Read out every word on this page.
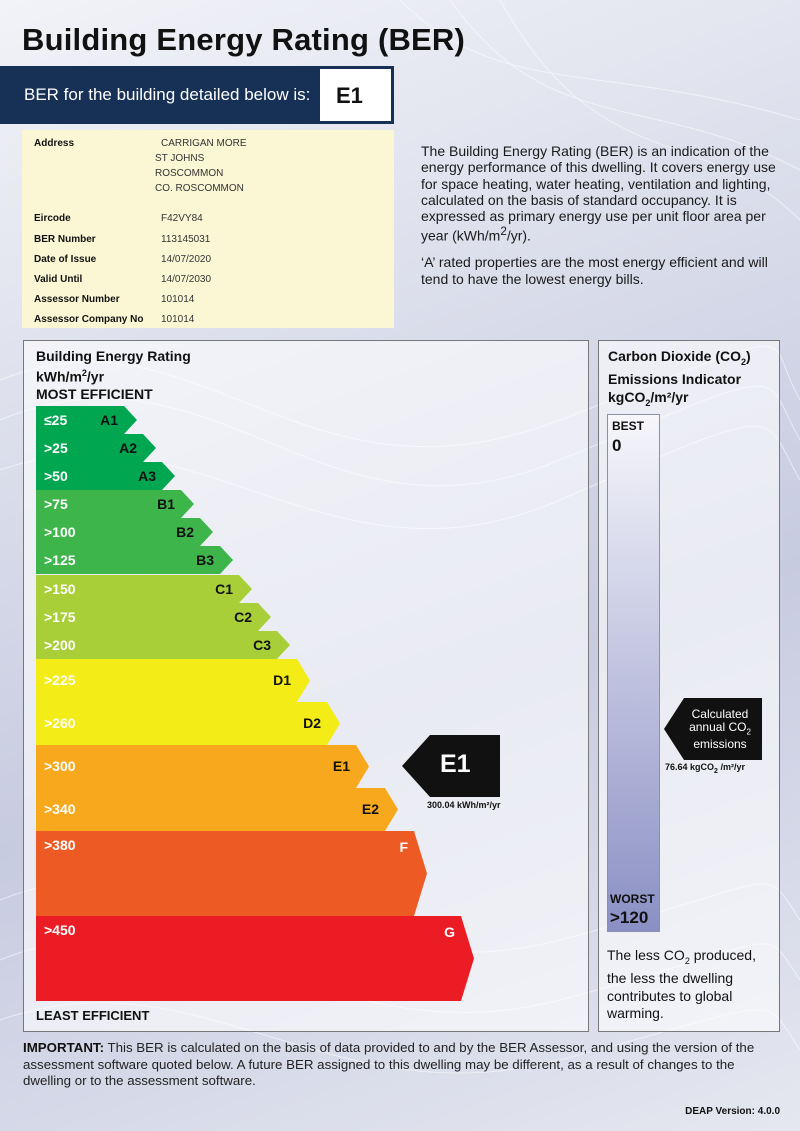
Building Energy Rating (BER)
BER for the building detailed below is:	E1
Address	CARRIGAN MORE
ST JOHNS
ROSCOMMON
CO. ROSCOMMON
Eircode	F42VY84
BER Number	113145031
Date of Issue	14/07/2020
Valid Until	14/07/2030
Assessor Number	101014
Assessor Company No 101014

The Building Energy Rating (BER) is an indication of the energy performance of this dwelling. It covers energy use for space heating, water heating, ventilation and lighting, calculated on the basis of standard occupancy. It is expressed as primary energy use per unit floor area per year $(kWh/m^2/yr)$.

‘A’ rated properties are the most energy efficient and will tend to have the lowest energy bills.

Building Energy Rating
kWh/$m^2/yr$
MOST EFFICIENT
≤25 A1
>25	A2
>50	A3
>75	B1
>100	B2
>125	B3
>150	C1
>175	C2
>200	C3
>225	D1
>260	D2
>300	E1
>340	E2
>380	F
>450	G
LEAST EFFICIENT
E1
300.04 kWh/m²/yr
Carbon Dioxide $(CO_2)$
Emissions Indicator
kgCO$_2$/m²/yr
BEST
0
WORST
>120
Calculated
annual $CO_2$
emissions
76.64 kgCO$_2$ /m²/yr
The less $CO_2$ produced, the less the dwelling contributes to global warming.
IMPORTANT: This BER is calculated on the basis of data provided to and by the BER Assessor, and using the version of the assessment software quoted below. A future BER assigned to this dwelling may be different, as a result of changes to the dwelling or to the assessment software.
DEAP Version: 4.0.0
